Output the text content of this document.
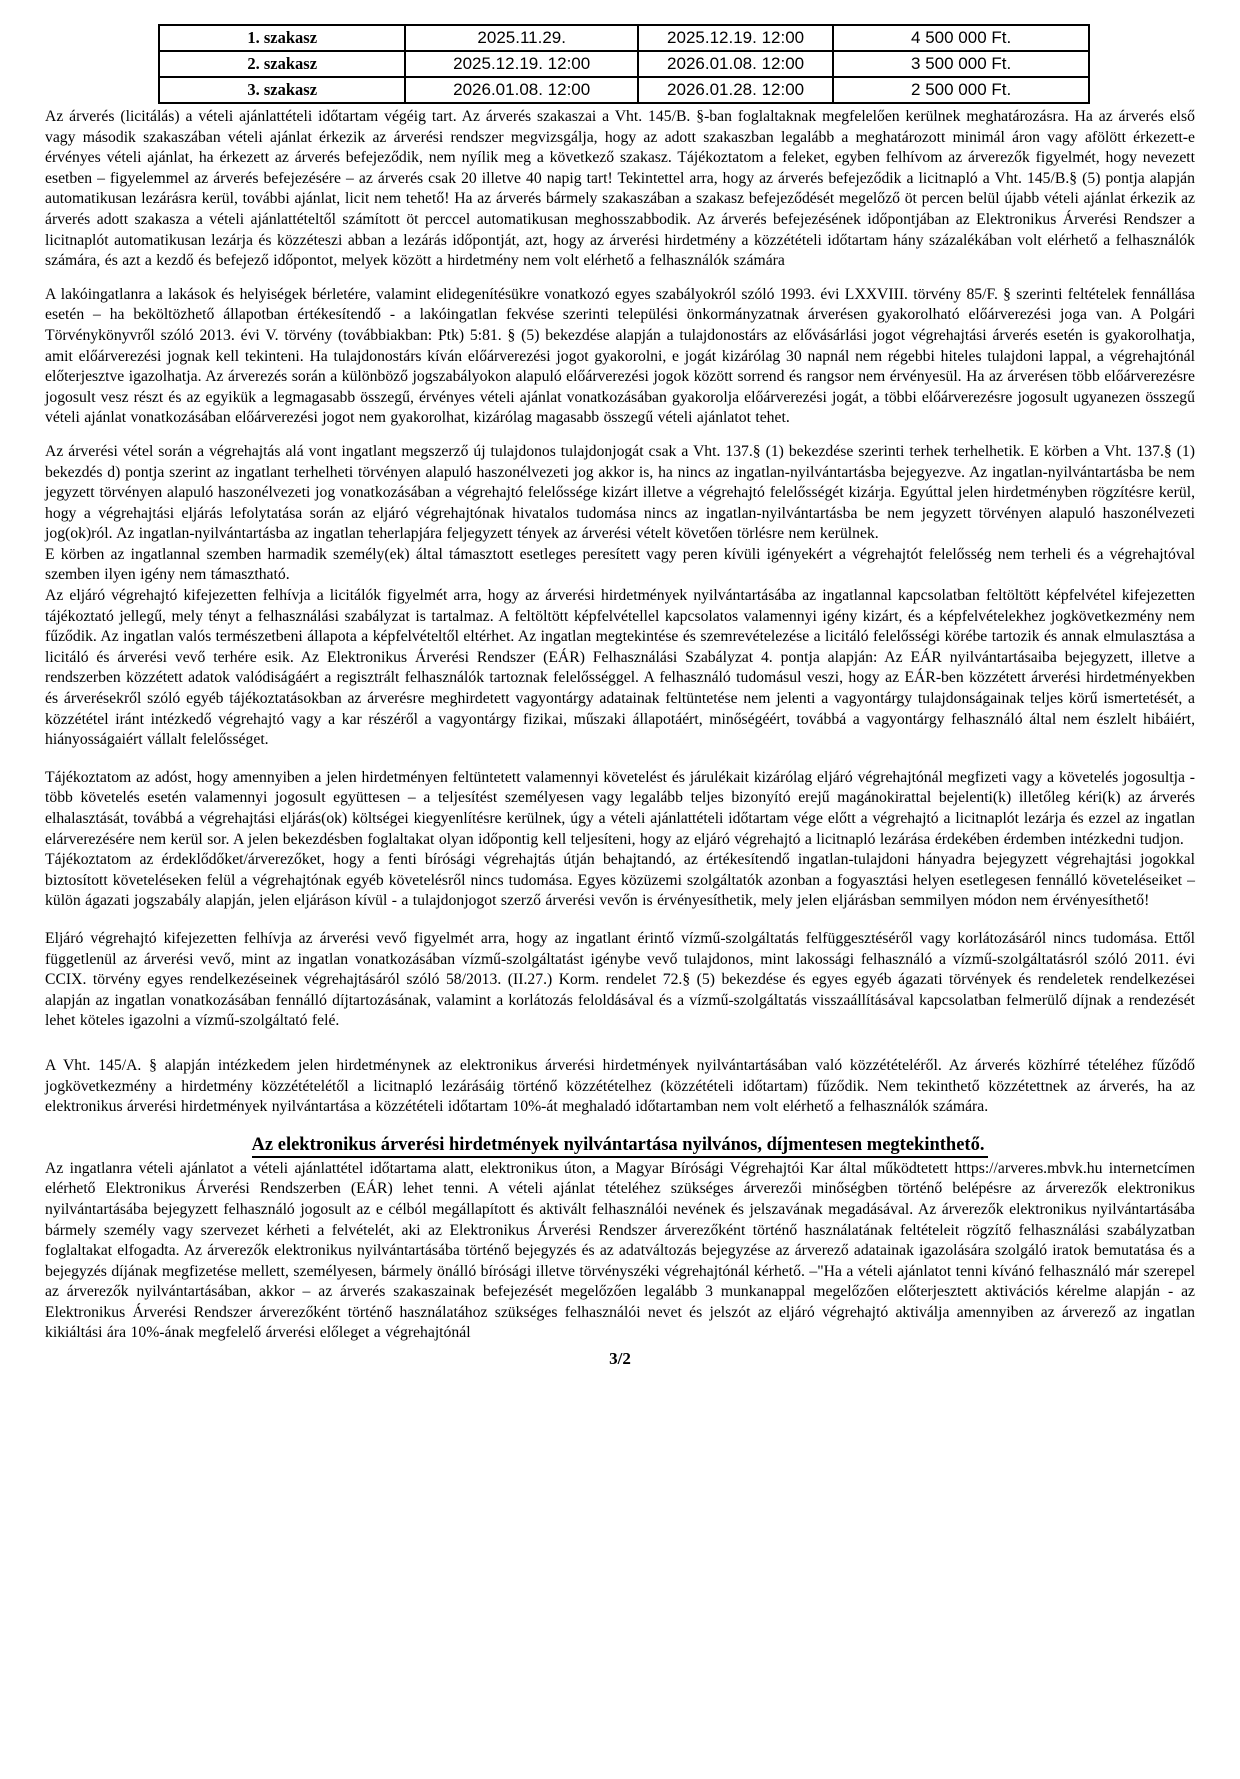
1. szakasz	2025.11.29.	2025.12.19. 12:00	4 500 000 Ft.
2. szakasz	2025.12.19. 12:00	2026.01.08. 12:00	3 500 000 Ft.
3. szakasz	2026.01.08. 12:00	2026.01.28. 12:00	2 500 000 Ft.

Az árverés (licitálás) a vételi ajánlattételi időtartam végéig tart. Az árverés szakaszai a Vht. 145/B. §-ban foglaltaknak megfelelően kerülnek meghatározásra. Ha az árverés első vagy második szakaszában vételi ajánlat érkezik az árverési rendszer megvizsgálja, hogy az adott szakaszban legalább a meghatározott minimál áron vagy afölött érkezett-e érvényes vételi ajánlat, ha érkezett az árverés befejeződik, nem nyílik meg a következő szakasz. Tájékoztatom a feleket, egyben felhívom az árverezők figyelmét, hogy nevezett esetben – figyelemmel az árverés befejezésére – az árverés csak 20 illetve 40 napig tart! Tekintettel arra, hogy az árverés befejeződik a licitnapló a Vht. 145/B.§ (5) pontja alapján automatikusan lezárásra kerül, további ajánlat, licit nem tehető! Ha az árverés bármely szakaszában a szakasz befejeződését megelőző öt percen belül újabb vételi ajánlat érkezik az árverés adott szakasza a vételi ajánlattételtől számított öt perccel automatikusan meghosszabbodik. Az árverés befejezésének időpontjában az Elektronikus Árverési Rendszer a licitnaplót automatikusan lezárja és közzéteszi abban a lezárás időpontját, azt, hogy az árverési hirdetmény a közzétételi időtartam hány százalékában volt elérhető a felhasználók számára, és azt a kezdő és befejező időpontot, melyek között a hirdetmény nem volt elérhető a felhasználók számára

A lakóingatlanra a lakások és helyiségek bérletére, valamint elidegenítésükre vonatkozó egyes szabályokról szóló 1993. évi LXXVIII. törvény 85/F. § szerinti feltételek fennállása esetén – ha beköltözhető állapotban értékesítendő - a lakóingatlan fekvése szerinti települési önkormányzatnak árverésen gyakorolható előárverezési joga van. A Polgári Törvénykönyvről szóló 2013. évi V. törvény (továbbiakban: Ptk) 5:81. § (5) bekezdése alapján a tulajdonostárs az elővásárlási jogot végrehajtási árverés esetén is gyakorolhatja, amit előárverezési jognak kell tekinteni. Ha tulajdonostárs kíván előárverezési jogot gyakorolni, e jogát kizárólag 30 napnál nem régebbi hiteles tulajdoni lappal, a végrehajtónál előterjesztve igazolhatja. Az árverezés során a különböző jogszabályokon alapuló előárverezési jogok között sorrend és rangsor nem érvényesül. Ha az árverésen több előárverezésre jogosult vesz részt és az egyikük a legmagasabb összegű, érvényes vételi ajánlat vonatkozásában gyakorolja előárverezési jogát, a többi előárverezésre jogosult ugyanezen összegű vételi ajánlat vonatkozásában előárverezési jogot nem gyakorolhat, kizárólag magasabb összegű vételi ajánlatot tehet.

Az árverési vétel során a végrehajtás alá vont ingatlant megszerző új tulajdonos tulajdonjogát csak a Vht. 137.§ (1) bekezdése szerinti terhek terhelhetik. E körben a Vht. 137.§ (1) bekezdés d) pontja szerint az ingatlant terhelheti törvényen alapuló haszonélvezeti jog akkor is, ha nincs az ingatlan-nyilvántartásba bejegyezve. Az ingatlan-nyilvántartásba be nem jegyzett törvényen alapuló haszonélvezeti jog vonatkozásában a végrehajtó felelőssége kizárt illetve a végrehajtó felelősségét kizárja. Egyúttal jelen hirdetményben rögzítésre kerül, hogy a végrehajtási eljárás lefolytatása során az eljáró végrehajtónak hivatalos tudomása nincs az ingatlan-nyilvántartásba be nem jegyzett törvényen alapuló haszonélvezeti jog(ok)ról. Az ingatlan-nyilvántartásba az ingatlan teherlapjára feljegyzett tények az árverési vételt követően törlésre nem kerülnek.

E körben az ingatlannal szemben harmadik személy(ek) által támasztott esetleges peresített vagy peren kívüli igényekért a végrehajtót felelősség nem terheli és a végrehajtóval szemben ilyen igény nem támasztható.

Az eljáró végrehajtó kifejezetten felhívja a licitálók figyelmét arra, hogy az árverési hirdetmények nyilvántartásába az ingatlannal kapcsolatban feltöltött képfelvétel kifejezetten tájékoztató jellegű, mely tényt a felhasználási szabályzat is tartalmaz. A feltöltött képfelvétellel kapcsolatos valamennyi igény kizárt, és a képfelvételekhez jogkövetkezmény nem fűződik. Az ingatlan valós természetbeni állapota a képfelvételtől eltérhet. Az ingatlan megtekintése és szemrevételezése a licitáló felelősségi körébe tartozik és annak elmulasztása a licitáló és árverési vevő terhére esik. Az Elektronikus Árverési Rendszer (EÁR) Felhasználási Szabályzat 4. pontja alapján: Az EÁR nyilvántartásaiba bejegyzett, illetve a rendszerben közzétett adatok valódiságáért a regisztrált felhasználók tartoznak felelősséggel. A felhasználó tudomásul veszi, hogy az EÁR-ben közzétett árverési hirdetményekben és árverésekről szóló egyéb tájékoztatásokban az árverésre meghirdetett vagyontárgy adatainak feltüntetése nem jelenti a vagyontárgy tulajdonságainak teljes körű ismertetését, a közzététel iránt intézkedő végrehajtó vagy a kar részéről a vagyontárgy fizikai, műszaki állapotáért, minőségéért, továbbá a vagyontárgy felhasználó által nem észlelt hibáiért, hiányosságaiért vállalt felelősséget.

Tájékoztatom az adóst, hogy amennyiben a jelen hirdetményen feltüntetett valamennyi követelést és járulékait kizárólag eljáró végrehajtónál megfizeti vagy a követelés jogosultja - több követelés esetén valamennyi jogosult együttesen – a teljesítést személyesen vagy legalább teljes bizonyító erejű magánokirattal bejelenti(k) illetőleg kéri(k) az árverés elhalasztását, továbbá a végrehajtási eljárás(ok) költségei kiegyenlítésre kerülnek, úgy a vételi ajánlattételi időtartam vége előtt a végrehajtó a licitnaplót lezárja és ezzel az ingatlan elárverezésére nem kerül sor. A jelen bekezdésben foglaltakat olyan időpontig kell teljesíteni, hogy az eljáró végrehajtó a licitnapló lezárása érdekében érdemben intézkedni tudjon.

Tájékoztatom az érdeklődőket/árverezőket, hogy a fenti bírósági végrehajtás útján behajtandó, az értékesítendő ingatlan-tulajdoni hányadra bejegyzett végrehajtási jogokkal biztosított követeléseken felül a végrehajtónak egyéb követelésről nincs tudomása. Egyes közüzemi szolgáltatók azonban a fogyasztási helyen esetlegesen fennálló követeléseiket – külön ágazati jogszabály alapján, jelen eljáráson kívül - a tulajdonjogot szerző árverési vevőn is érvényesíthetik, mely jelen eljárásban semmilyen módon nem érvényesíthető!

Eljáró végrehajtó kifejezetten felhívja az árverési vevő figyelmét arra, hogy az ingatlant érintő vízmű-szolgáltatás felfüggesztéséről vagy korlátozásáról nincs tudomása. Ettől függetlenül az árverési vevő, mint az ingatlan vonatkozásában vízmű-szolgáltatást igénybe vevő tulajdonos, mint lakossági felhasználó a vízmű-szolgáltatásról szóló 2011. évi CCIX. törvény egyes rendelkezéseinek végrehajtásáról szóló 58/2013. (II.27.) Korm. rendelet 72.§ (5) bekezdése és egyes egyéb ágazati törvények és rendeletek rendelkezései alapján az ingatlan vonatkozásában fennálló díjtartozásának, valamint a korlátozás feloldásával és a vízmű-szolgáltatás visszaállításával kapcsolatban felmerülő díjnak a rendezését lehet köteles igazolni a vízmű-szolgáltató felé.

A Vht. 145/A. § alapján intézkedem jelen hirdetménynek az elektronikus árverési hirdetmények nyilvántartásában való közzétételéről. Az árverés közhírré tételéhez fűződő jogkövetkezmény a hirdetmény közzétételétől a licitnapló lezárásáig történő közzétételhez (közzétételi időtartam) fűződik. Nem tekinthető közzétettnek az árverés, ha az elektronikus árverési hirdetmények nyilvántartása a közzétételi időtartam 10%-át meghaladó időtartamban nem volt elérhető a felhasználók számára.

Az elektronikus árverési hirdetmények nyilvántartása nyilvános, díjmentesen megtekinthető.

Az ingatlanra vételi ajánlatot a vételi ajánlattétel időtartama alatt, elektronikus úton, a Magyar Bírósági Végrehajtói Kar által működtetett https://arveres.mbvk.hu internetcímen elérhető Elektronikus Árverési Rendszerben (EÁR) lehet tenni. A vételi ajánlat tételéhez szükséges árverezői minőségben történő belépésre az árverezők elektronikus nyilvántartásába bejegyzett felhasználó jogosult az e célból megállapított és aktivált felhasználói nevének és jelszavának megadásával. Az árverezők elektronikus nyilvántartásába bármely személy vagy szervezet kérheti a felvételét, aki az Elektronikus Árverési Rendszer árverezőként történő használatának feltételeit rögzítő felhasználási szabályzatban foglaltakat elfogadta. Az árverezők elektronikus nyilvántartásába történő bejegyzés és az adatváltozás bejegyzése az árverező adatainak igazolására szolgáló iratok bemutatása és a bejegyzés díjának megfizetése mellett, személyesen, bármely önálló bírósági illetve törvényszéki végrehajtónál kérhető. –"Ha a vételi ajánlatot tenni kívánó felhasználó már szerepel az árverezők nyilvántartásában, akkor – az árverés szakaszainak befejezését megelőzően legalább 3 munkanappal megelőzően előterjesztett aktivációs kérelme alapján - az Elektronikus Árverési Rendszer árverezőként történő használatához szükséges felhasználói nevet és jelszót az eljáró végrehajtó aktiválja amennyiben az árverező az ingatlan kikiáltási ára 10%-ának megfelelő árverési előleget a végrehajtónál

3/2
